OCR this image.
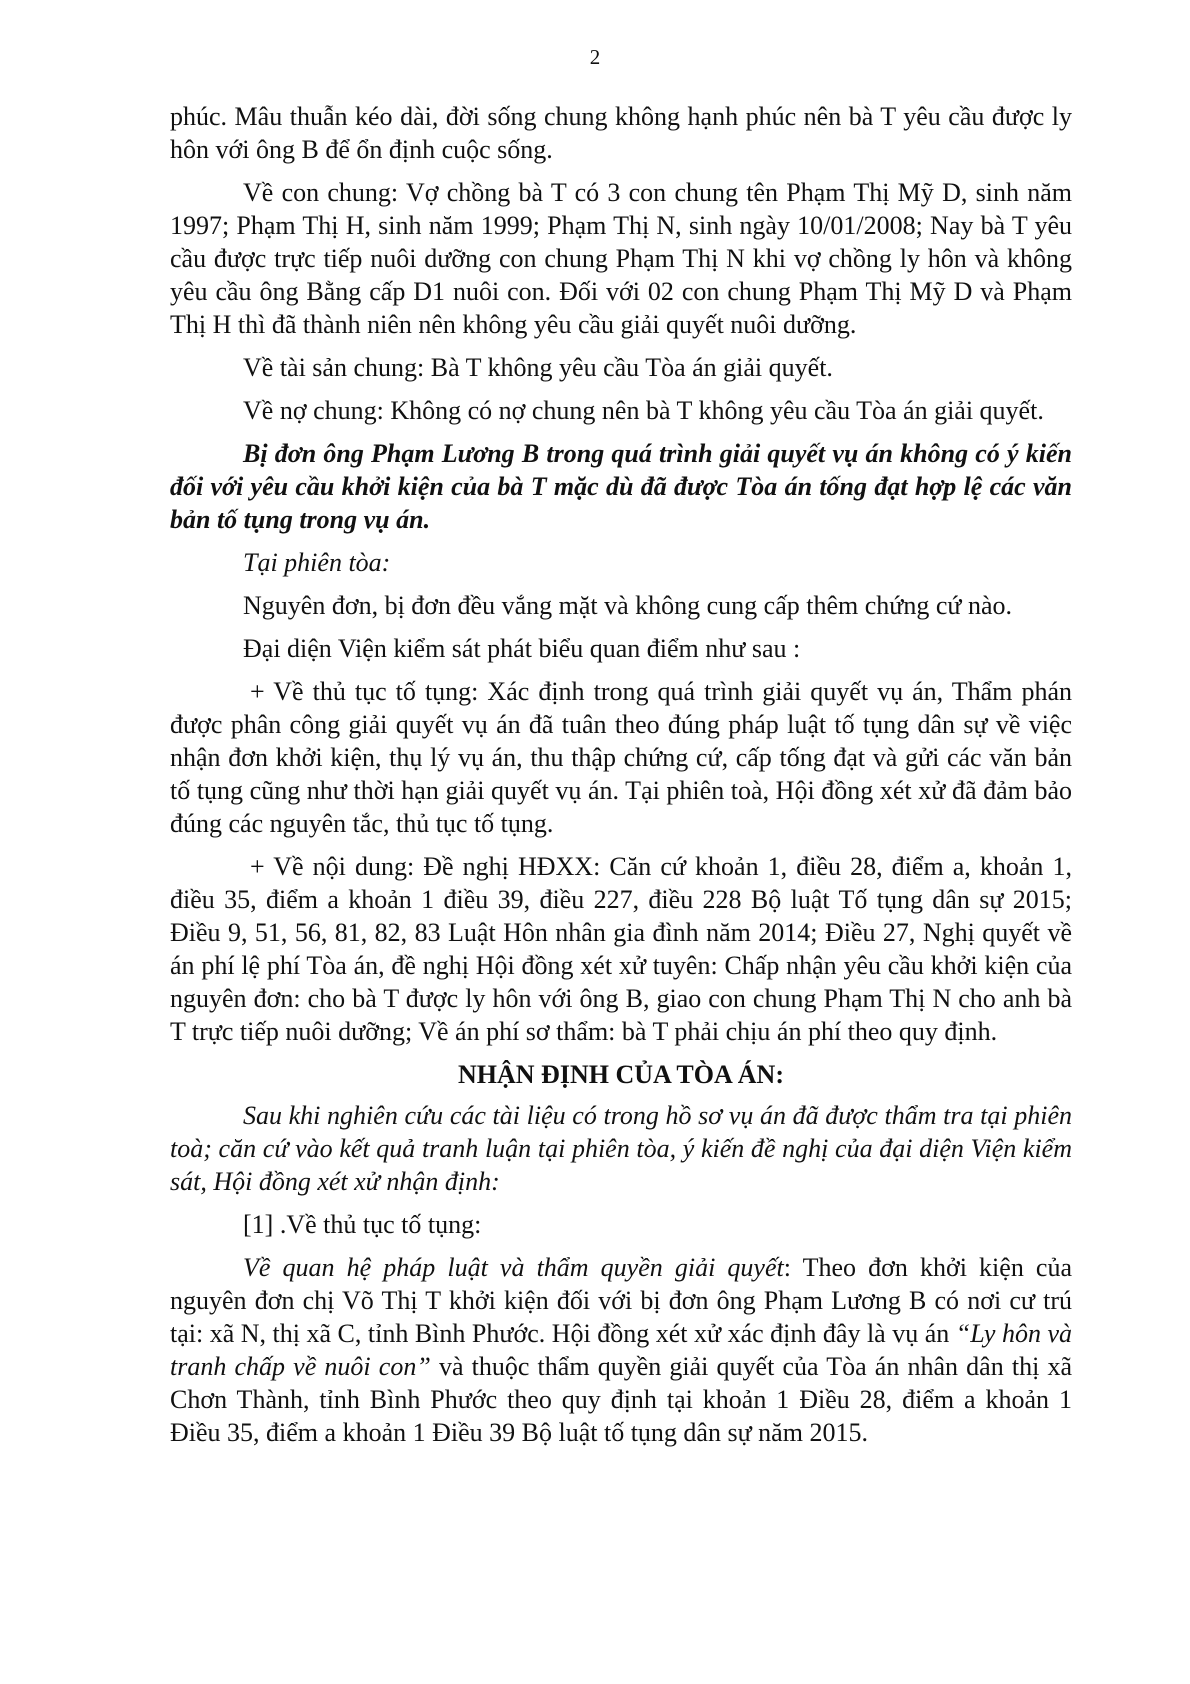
2

phúc. Mâu thuẫn kéo dài, đời sống chung không hạnh phúc nên bà T yêu cầu được ly hôn với ông B để ổn định cuộc sống.

Về con chung: Vợ chồng bà T có 3 con chung tên Phạm Thị Mỹ D, sinh năm 1997; Phạm Thị H, sinh năm 1999; Phạm Thị N, sinh ngày 10/01/2008; Nay bà T yêu cầu được trực tiếp nuôi dưỡng con chung Phạm Thị N khi vợ chồng ly hôn và không yêu cầu ông Bằng cấp D1 nuôi con. Đối với 02 con chung Phạm Thị Mỹ D và Phạm Thị H thì đã thành niên nên không yêu cầu giải quyết nuôi dưỡng.

Về tài sản chung: Bà T không yêu cầu Tòa án giải quyết.

Về nợ chung: Không có nợ chung nên bà T không yêu cầu Tòa án giải quyết.

Bị đơn ông Phạm Lương B trong quá trình giải quyết vụ án không có ý kiến đối với yêu cầu khởi kiện của bà T mặc dù đã được Tòa án tống đạt hợp lệ các văn bản tố tụng trong vụ án.

Tại phiên tòa:

Nguyên đơn, bị đơn đều vắng mặt và không cung cấp thêm chứng cứ nào.

Đại diện Viện kiểm sát phát biểu quan điểm như sau :

+ Về thủ tục tố tụng: Xác định trong quá trình giải quyết vụ án, Thẩm phán được phân công giải quyết vụ án đã tuân theo đúng pháp luật tố tụng dân sự về việc nhận đơn khởi kiện, thụ lý vụ án, thu thập chứng cứ, cấp tống đạt và gửi các văn bản tố tụng cũng như thời hạn giải quyết vụ án. Tại phiên toà, Hội đồng xét xử đã đảm bảo đúng các nguyên tắc, thủ tục tố tụng.

+ Về nội dung: Đề nghị HĐXX: Căn cứ khoản 1, điều 28, điểm a, khoản 1, điều 35, điểm a khoản 1 điều 39, điều 227, điều 228 Bộ luật Tố tụng dân sự 2015; Điều 9, 51, 56, 81, 82, 83 Luật Hôn nhân gia đình năm 2014; Điều 27, Nghị quyết về án phí lệ phí Tòa án, đề nghị Hội đồng xét xử tuyên: Chấp nhận yêu cầu khởi kiện của nguyên đơn: cho bà T được ly hôn với ông B, giao con chung Phạm Thị N cho anh bà T trực tiếp nuôi dưỡng; Về án phí sơ thẩm: bà T phải chịu án phí theo quy định.

NHẬN ĐỊNH CỦA TÒA ÁN:

Sau khi nghiên cứu các tài liệu có trong hồ sơ vụ án đã được thẩm tra tại phiên toà; căn cứ vào kết quả tranh luận tại phiên tòa, ý kiến đề nghị của đại diện Viện kiểm sát, Hội đồng xét xử nhận định:

[1] .Về thủ tục tố tụng:

Về quan hệ pháp luật và thẩm quyền giải quyết: Theo đơn khởi kiện của nguyên đơn chị Võ Thị T khởi kiện đối với bị đơn ông Phạm Lương B có nơi cư trú tại: xã N, thị xã C, tỉnh Bình Phước. Hội đồng xét xử xác định đây là vụ án “Ly hôn và tranh chấp về nuôi con” và thuộc thẩm quyền giải quyết của Tòa án nhân dân thị xã Chơn Thành, tỉnh Bình Phước theo quy định tại khoản 1 Điều 28, điểm a khoản 1 Điều 35, điểm a khoản 1 Điều 39 Bộ luật tố tụng dân sự năm 2015.
